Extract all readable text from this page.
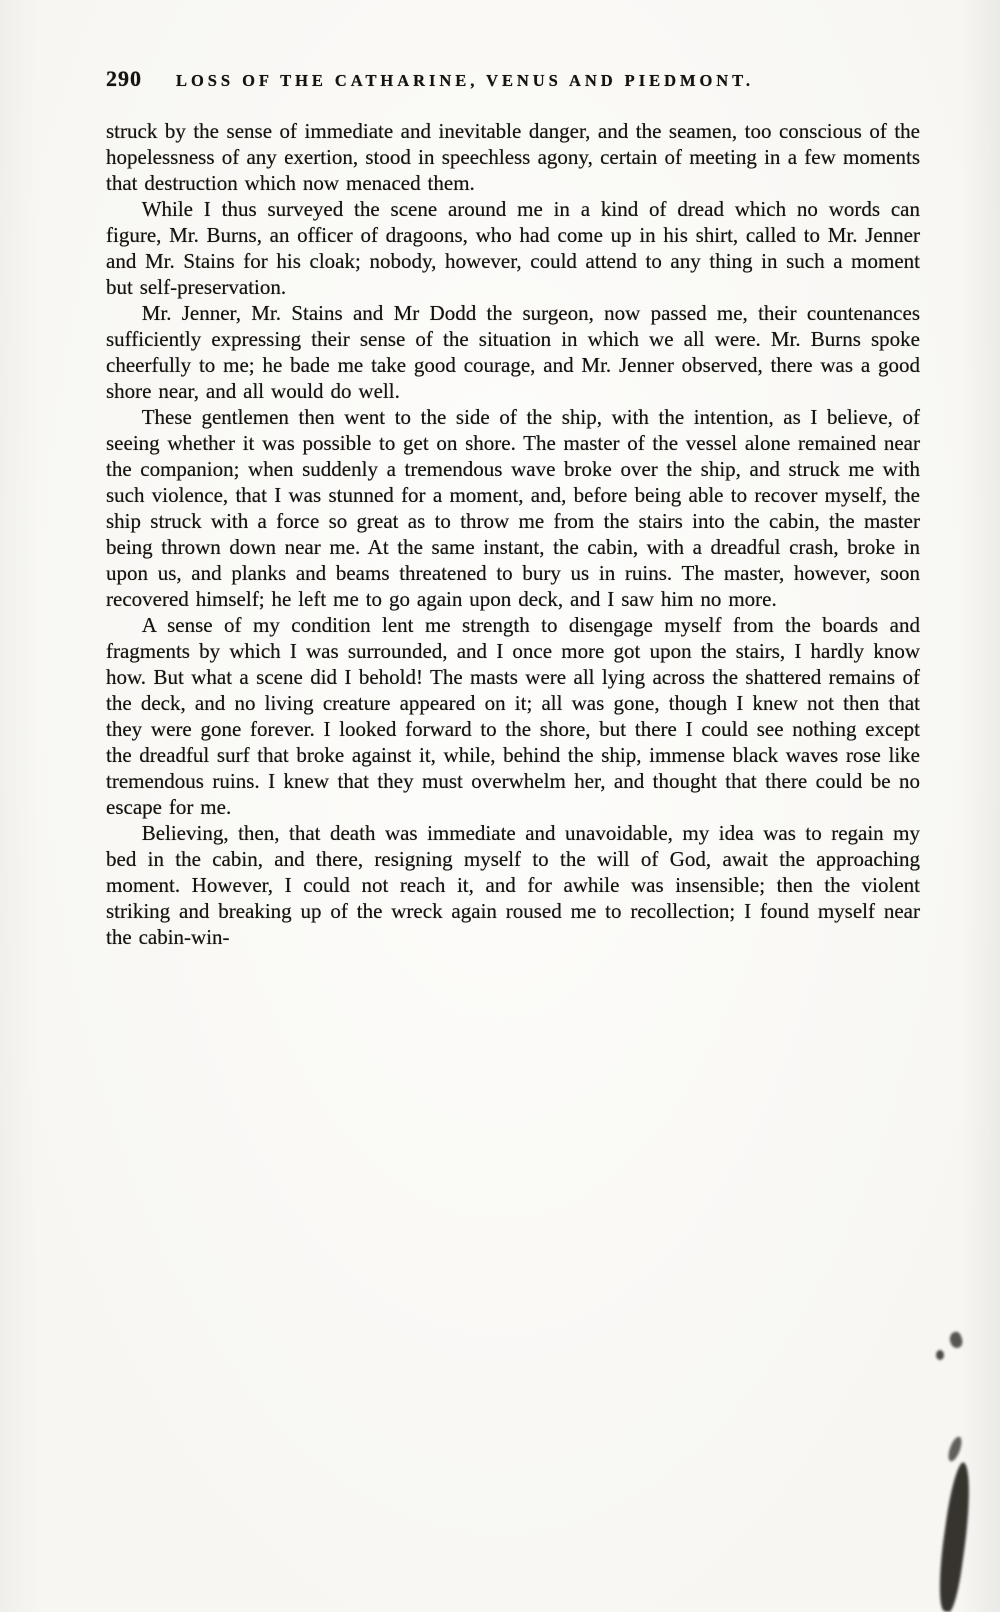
290 LOSS OF THE CATHARINE, VENUS AND PIEDMONT.

struck by the sense of immediate and inevitable danger, and the seamen, too conscious of the hopelessness of any exertion, stood in speechless agony, certain of meeting in a few moments that destruction which now menaced them.

While I thus surveyed the scene around me in a kind of dread which no words can figure, Mr. Burns, an officer of dragoons, who had come up in his shirt, called to Mr. Jenner and Mr. Stains for his cloak; nobody, however, could attend to any thing in such a moment but self-preservation.

Mr. Jenner, Mr. Stains and Mr Dodd the surgeon, now passed me, their countenances sufficiently expressing their sense of the situation in which we all were. Mr. Burns spoke cheerfully to me; he bade me take good courage, and Mr. Jenner observed, there was a good shore near, and all would do well.

These gentlemen then went to the side of the ship, with the intention, as I believe, of seeing whether it was possible to get on shore. The master of the vessel alone remained near the companion; when suddenly a tremendous wave broke over the ship, and struck me with such violence, that I was stunned for a moment, and, before being able to recover myself, the ship struck with a force so great as to throw me from the stairs into the cabin, the master being thrown down near me. At the same instant, the cabin, with a dreadful crash, broke in upon us, and planks and beams threatened to bury us in ruins. The master, however, soon recovered himself; he left me to go again upon deck, and I saw him no more.

A sense of my condition lent me strength to disengage myself from the boards and fragments by which I was surrounded, and I once more got upon the stairs, I hardly know how. But what a scene did I behold! The masts were all lying across the shattered remains of the deck, and no living creature appeared on it; all was gone, though I knew not then that they were gone forever. I looked forward to the shore, but there I could see nothing except the dreadful surf that broke against it, while, behind the ship, immense black waves rose like tremendous ruins. I knew that they must overwhelm her, and thought that there could be no escape for me.

Believing, then, that death was immediate and unavoidable, my idea was to regain my bed in the cabin, and there, resigning myself to the will of God, await the approaching moment. However, I could not reach it, and for awhile was insensible; then the violent striking and breaking up of the wreck again roused me to recollection; I found myself near the cabin-win-
